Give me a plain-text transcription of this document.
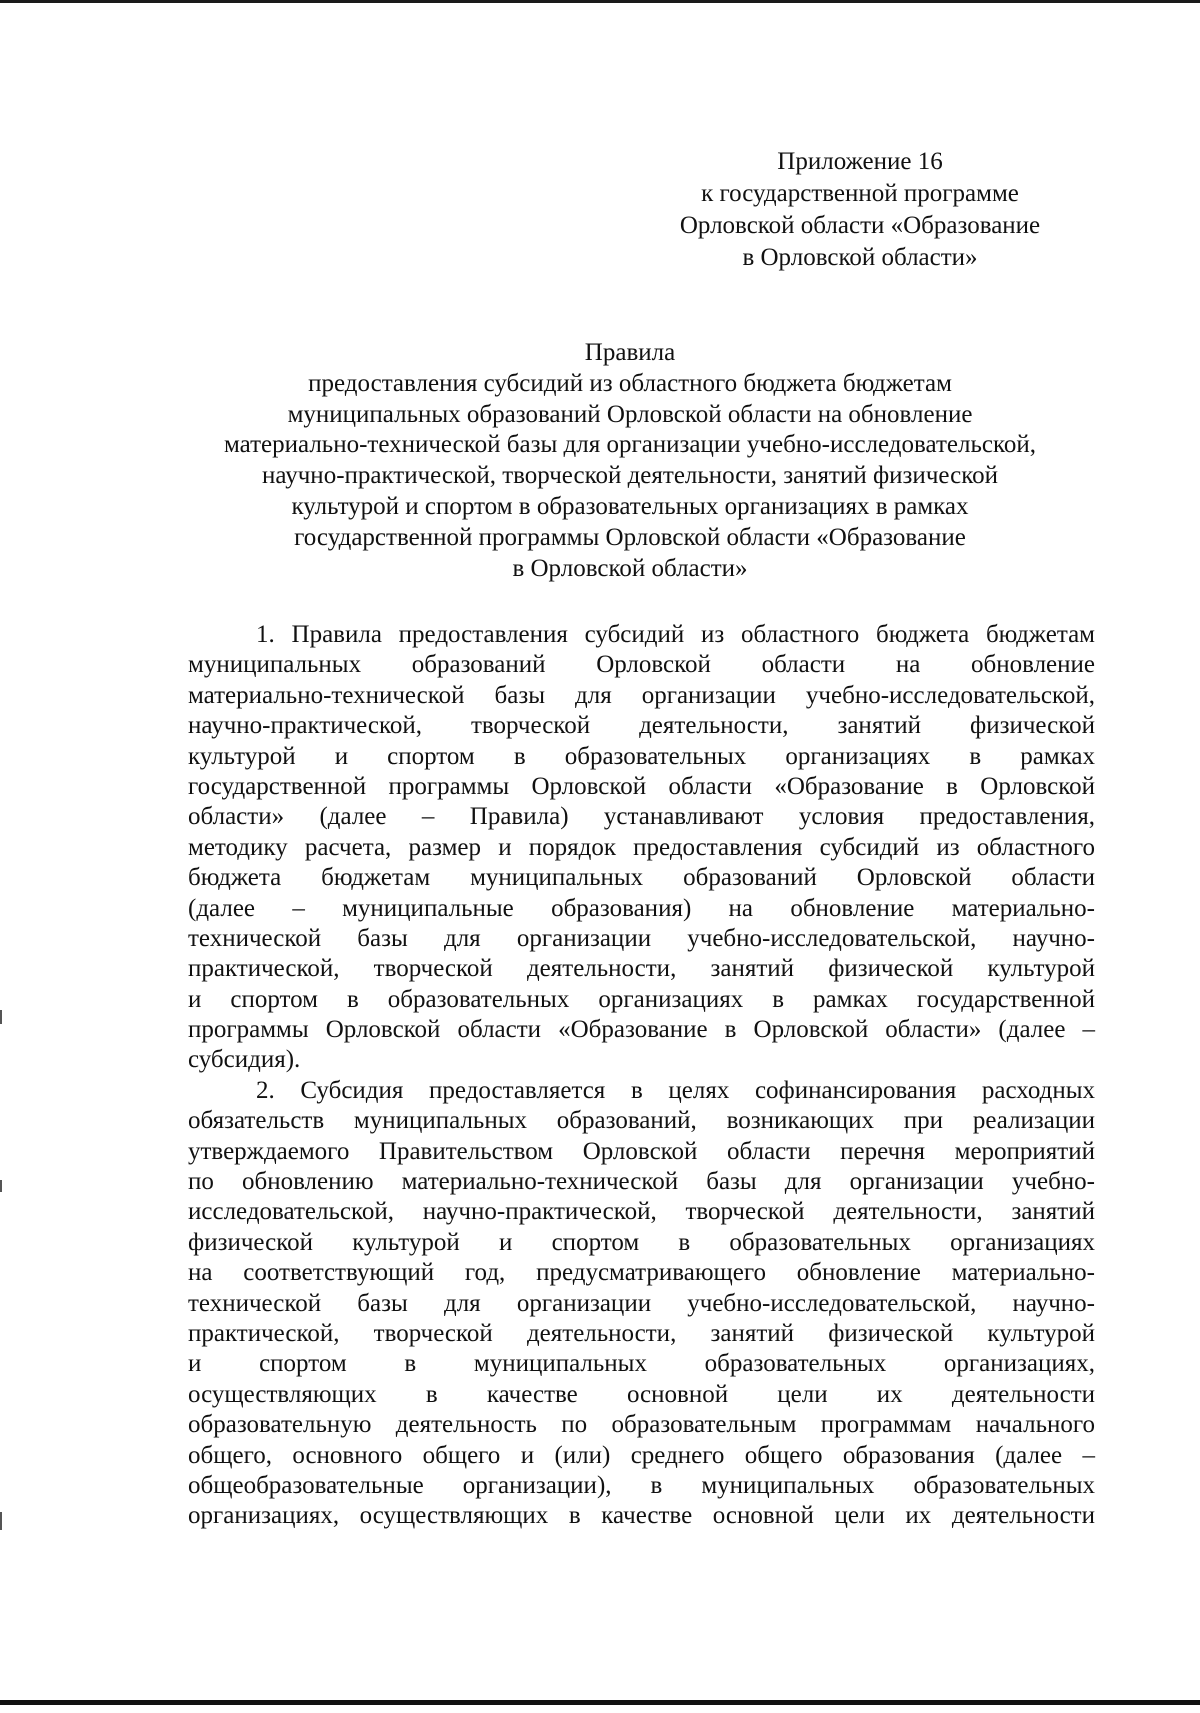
Приложение 16
к государственной программе
Орловской области «Образование
в Орловской области»
Правила
предоставления субсидий из областного бюджета бюджетам
муниципальных образований Орловской области на обновление
материально-технической базы для организации учебно-исследовательской,
научно-практической, творческой деятельности, занятий физической
культурой и спортом в образовательных организациях в рамках
государственной программы Орловской области «Образование
в Орловской области»
1. Правила предоставления субсидий из областного бюджета бюджетам
муниципальных образований Орловской области на обновление
материально-технической базы для организации учебно-исследовательской,
научно-практической, творческой деятельности, занятий физической
культурой и спортом в образовательных организациях в рамках
государственной программы Орловской области «Образование в Орловской
области» (далее – Правила) устанавливают условия предоставления,
методику расчета, размер и порядок предоставления субсидий из областного
бюджета бюджетам муниципальных образований Орловской области
(далее – муниципальные образования) на обновление материально-
технической базы для организации учебно-исследовательской, научно-
практической, творческой деятельности, занятий физической культурой
и спортом в образовательных организациях в рамках государственной
программы Орловской области «Образование в Орловской области» (далее –
субсидия).
2. Субсидия предоставляется в целях софинансирования расходных
обязательств муниципальных образований, возникающих при реализации
утверждаемого Правительством Орловской области перечня мероприятий
по обновлению материально-технической базы для организации учебно-
исследовательской, научно-практической, творческой деятельности, занятий
физической культурой и спортом в образовательных организациях
на соответствующий год, предусматривающего обновление материально-
технической базы для организации учебно-исследовательской, научно-
практической, творческой деятельности, занятий физической культурой
и спортом в муниципальных образовательных организациях,
осуществляющих в качестве основной цели их деятельности
образовательную деятельность по образовательным программам начального
общего, основного общего и (или) среднего общего образования (далее –
общеобразовательные организации), в муниципальных образовательных
организациях, осуществляющих в качестве основной цели их деятельности
